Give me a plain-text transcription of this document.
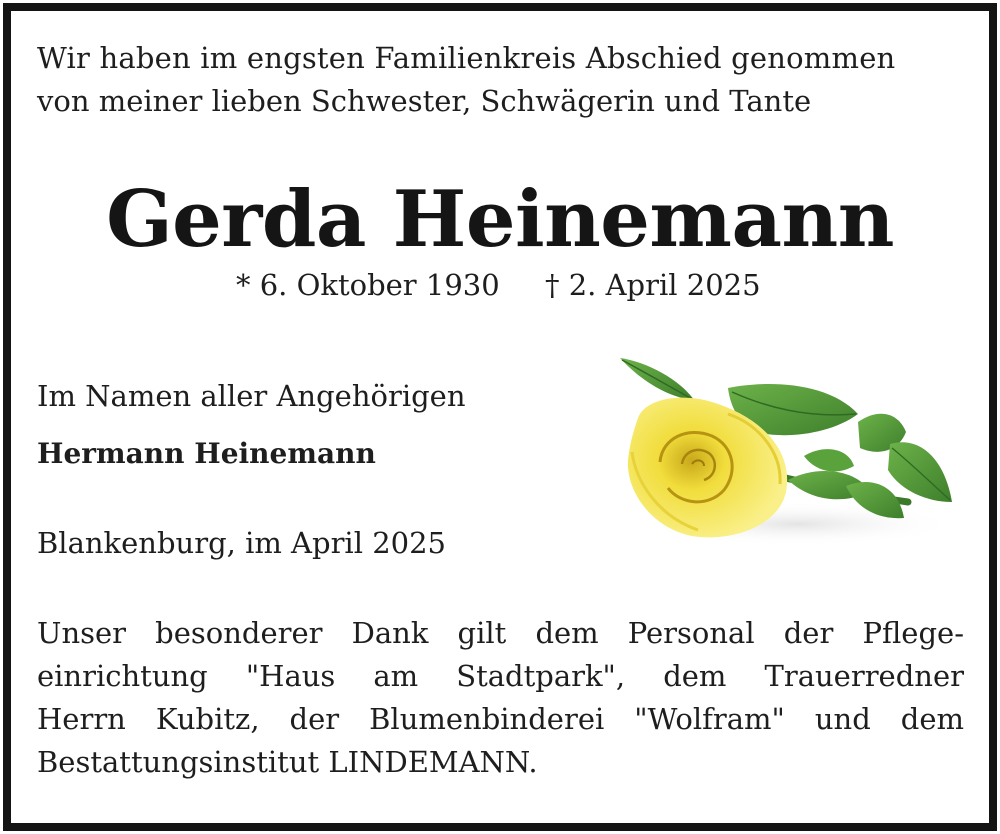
Wir haben im engsten Familienkreis Abschied genommen
von meiner lieben Schwester, Schwägerin und Tante
Gerda Heinemann
* 6. Oktober 1930 † 2. April 2025
Im Namen aller Angehörigen
Hermann Heinemann
Blankenburg, im April 2025
Unser besonderer Dank gilt dem Personal der Pflege-
einrichtung "Haus am Stadtpark", dem Trauerredner
Herrn Kubitz, der Blumenbinderei "Wolfram" und dem
Bestattungsinstitut LINDEMANN.
